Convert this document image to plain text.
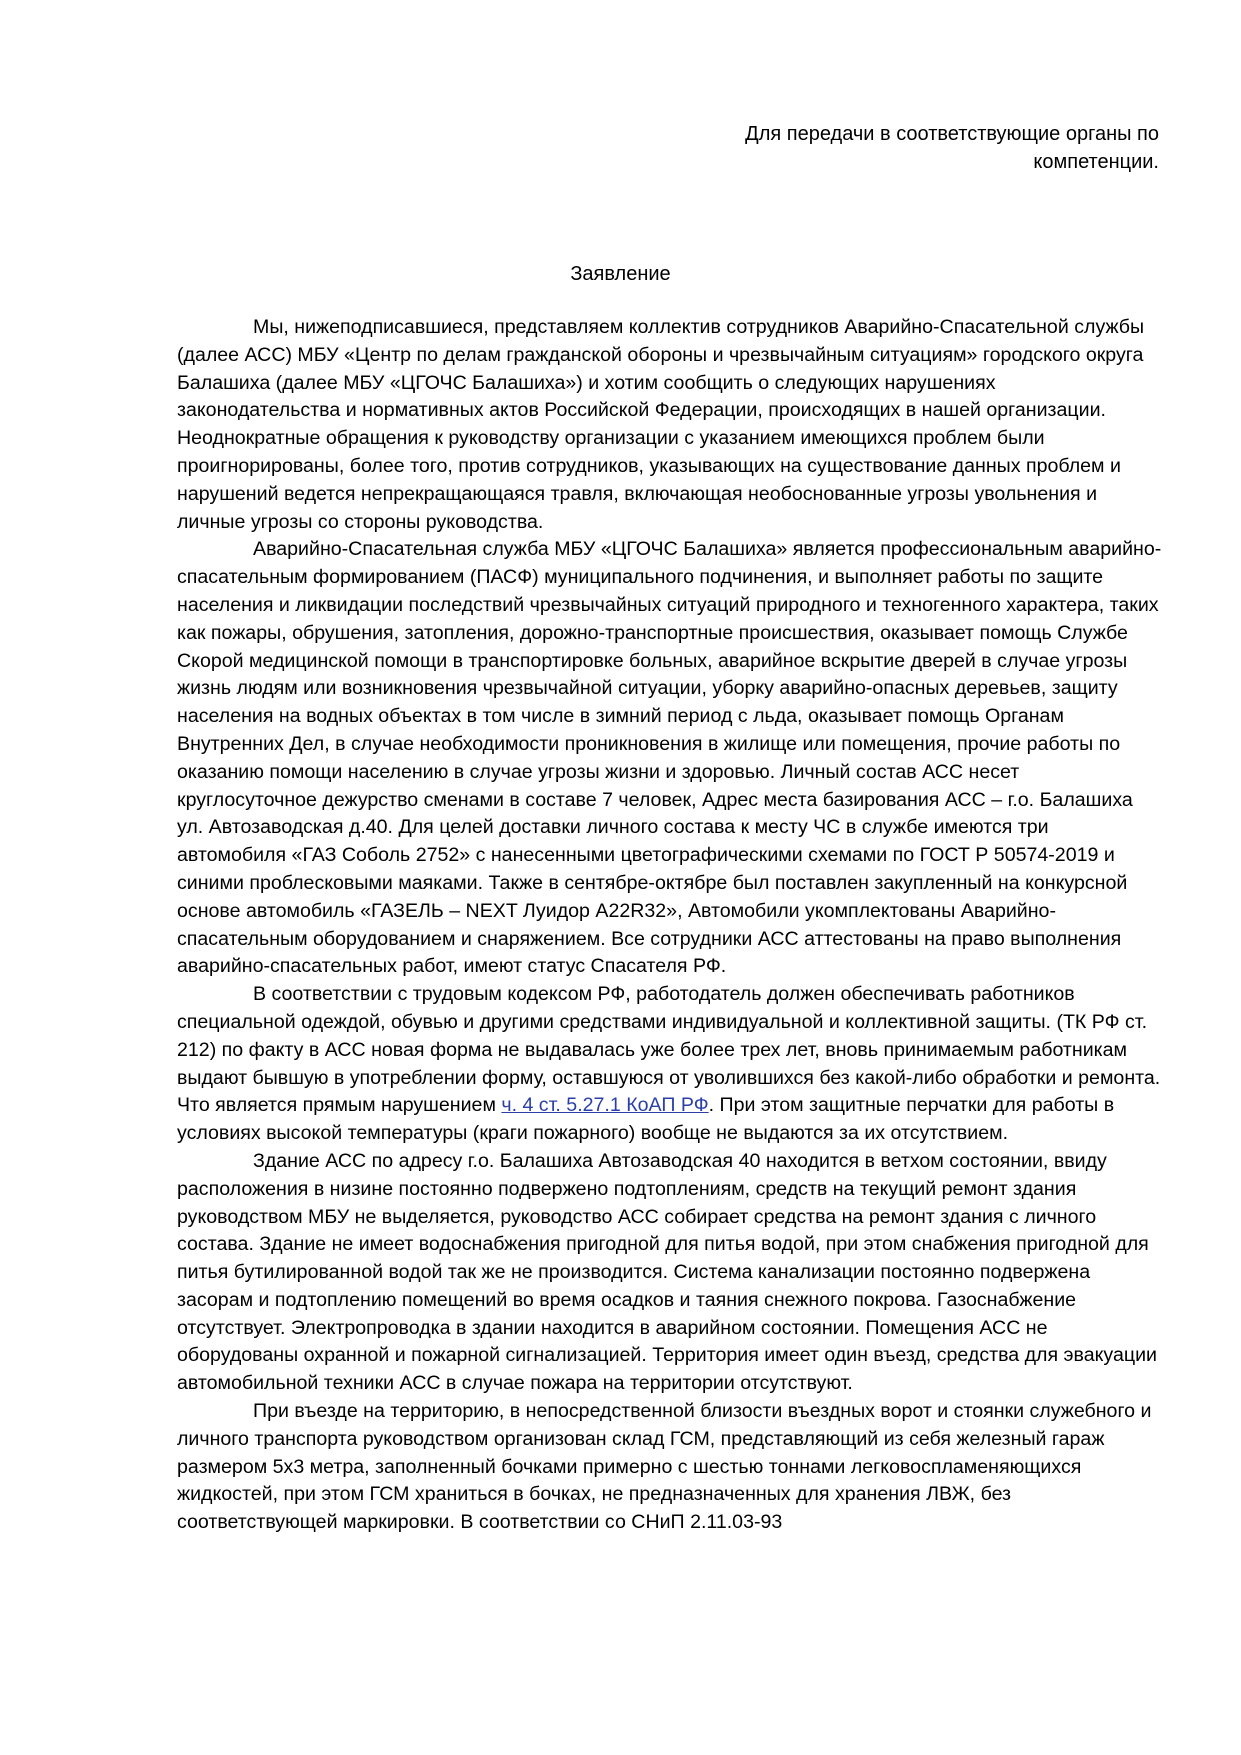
Для передачи в соответствующие органы по компетенции.
Заявление

Мы, нижеподписавшиеся, представляем коллектив сотрудников Аварийно-Спасательной службы (далее АСС) МБУ «Центр по делам гражданской обороны и чрезвычайным ситуациям» городского округа Балашиха (далее МБУ «ЦГОЧС Балашиха») и хотим сообщить о следующих нарушениях законодательства и нормативных актов Российской Федерации, происходящих в нашей организации. Неоднократные обращения к руководству организации с указанием имеющихся проблем были проигнорированы, более того, против сотрудников, указывающих на существование данных проблем и нарушений ведется непрекращающаяся травля, включающая необоснованные угрозы увольнения и личные угрозы со стороны руководства.

Аварийно-Спасательная служба МБУ «ЦГОЧС Балашиха» является профессиональным аварийно-спасательным формированием (ПАСФ) муниципального подчинения, и выполняет работы по защите населения и ликвидации последствий чрезвычайных ситуаций природного и техногенного характера, таких как пожары, обрушения, затопления, дорожно-транспортные происшествия, оказывает помощь Службе Скорой медицинской помощи в транспортировке больных, аварийное вскрытие дверей в случае угрозы жизнь людям или возникновения чрезвычайной ситуации, уборку аварийно-опасных деревьев, защиту населения на водных объектах в том числе в зимний период с льда, оказывает помощь Органам Внутренних Дел, в случае необходимости проникновения в жилище или помещения, прочие работы по оказанию помощи населению в случае угрозы жизни и здоровью. Личный состав АСС несет круглосуточное дежурство сменами в составе 7 человек, Адрес места базирования АСС – г.о. Балашиха ул. Автозаводская д.40. Для целей доставки личного состава к месту ЧС в службе имеются три автомобиля «ГАЗ Соболь 2752» с нанесенными цветографическими схемами по ГОСТ Р 50574-2019 и синими проблесковыми маяками. Также в сентябре-октябре был поставлен закупленный на конкурсной основе автомобиль «ГАЗЕЛЬ – NEXT Луидор А22R32», Автомобили укомплектованы Аварийно-спасательным оборудованием и снаряжением. Все сотрудники АСС аттестованы на право выполнения аварийно-спасательных работ, имеют статус Спасателя РФ.

В соответствии с трудовым кодексом РФ, работодатель должен обеспечивать работников специальной одеждой, обувью и другими средствами индивидуальной и коллективной защиты. (ТК РФ ст. 212) по факту в АСС новая форма не выдавалась уже более трех лет, вновь принимаемым работникам выдают бывшую в употреблении форму, оставшуюся от уволившихся без какой-либо обработки и ремонта. Что является прямым нарушением ч. 4 ст. 5.27.1 КоАП РФ. При этом защитные перчатки для работы в условиях высокой температуры (краги пожарного) вообще не выдаются за их отсутствием.

Здание АСС по адресу г.о. Балашиха Автозаводская 40 находится в ветхом состоянии, ввиду расположения в низине постоянно подвержено подтоплениям, средств на текущий ремонт здания руководством МБУ не выделяется, руководство АСС собирает средства на ремонт здания с личного состава. Здание не имеет водоснабжения пригодной для питья водой, при этом снабжения пригодной для питья бутилированной водой так же не производится. Система канализации постоянно подвержена засорам и подтоплению помещений во время осадков и таяния снежного покрова. Газоснабжение отсутствует. Электропроводка в здании находится в аварийном состоянии. Помещения АСС не оборудованы охранной и пожарной сигнализацией. Территория имеет один въезд, средства для эвакуации автомобильной техники АСС в случае пожара на территории отсутствуют.

При въезде на территорию, в непосредственной близости въездных ворот и стоянки служебного и личного транспорта руководством организован склад ГСМ, представляющий из себя железный гараж размером 5х3 метра, заполненный бочками примерно с шестью тоннами легковоспламеняющихся жидкостей, при этом ГСМ храниться в бочках, не предназначенных для хранения ЛВЖ, без соответствующей маркировки. В соответствии со СНиП 2.11.03-93
